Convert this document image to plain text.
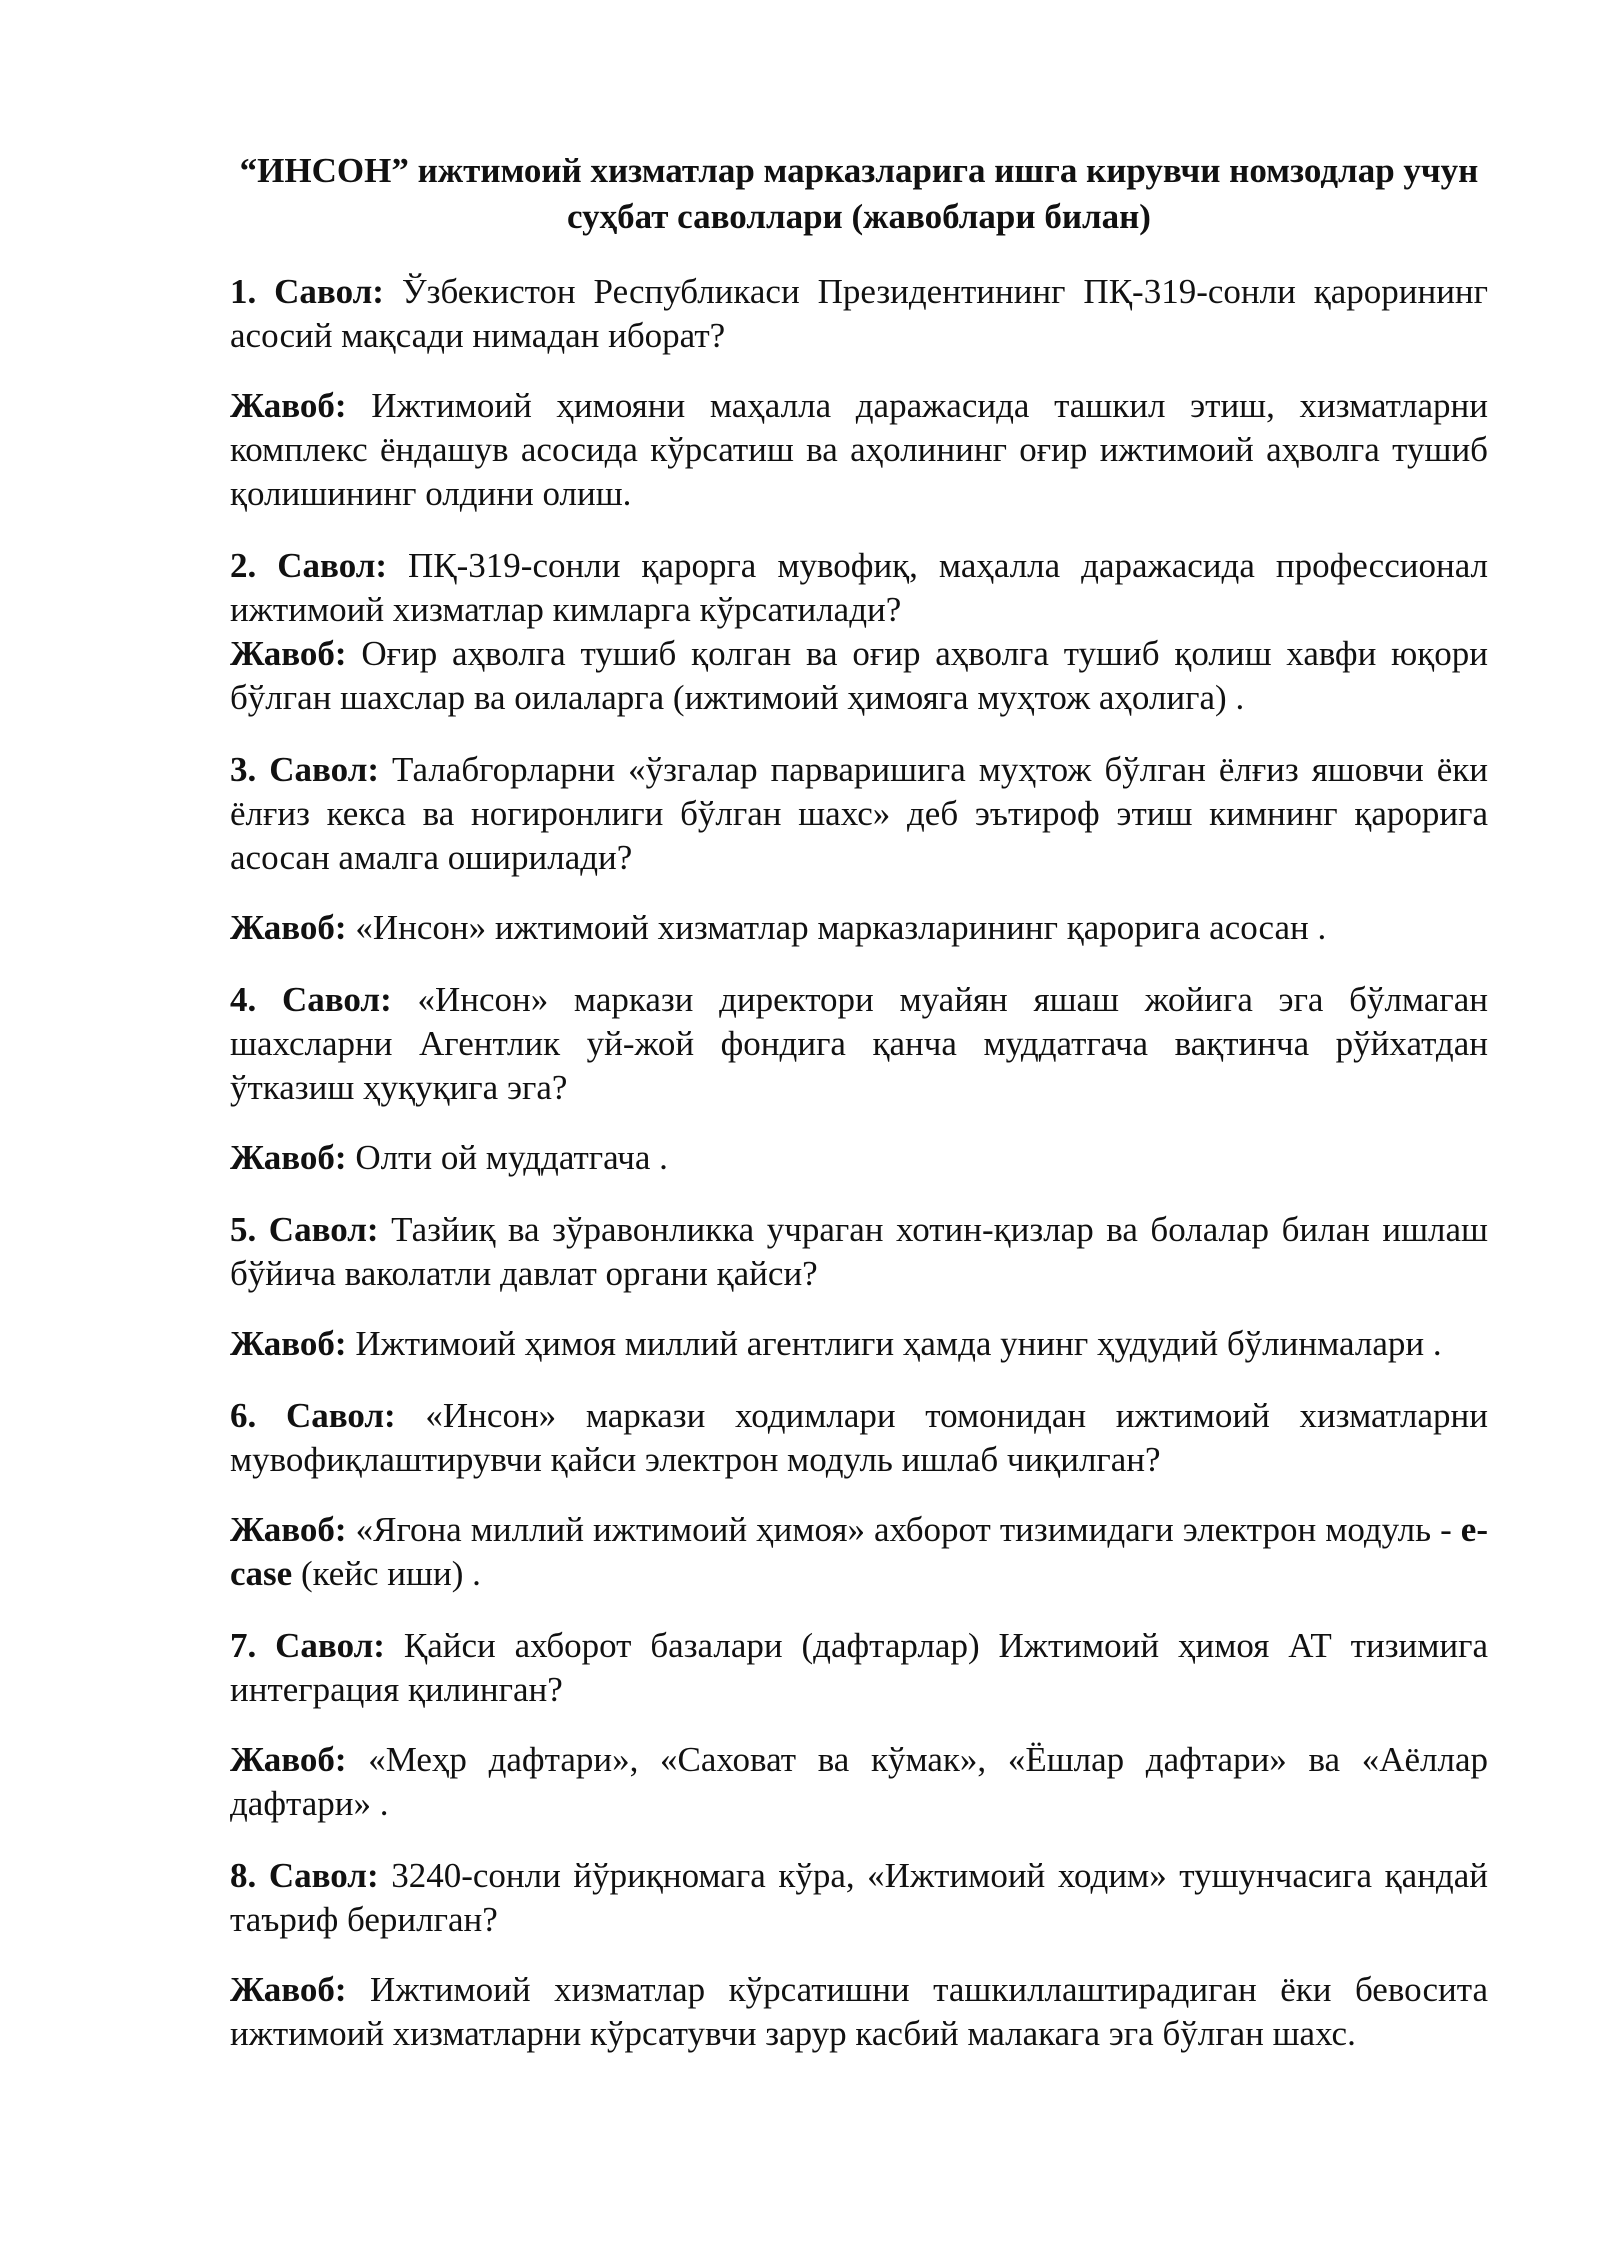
“ИНСОН” ижтимоий хизматлар марказларига ишга кирувчи номзодлар учун суҳбат саволлари (жавоблари билан)

1. Савол: Ўзбекистон Республикаси Президентининг ПҚ-319-сонли қарорининг асосий мақсади нимадан иборат?

Жавоб: Ижтимоий ҳимояни маҳалла даражасида ташкил этиш, хизматларни комплекс ёндашув асосида кўрсатиш ва аҳолининг оғир ижтимоий аҳволга тушиб қолишининг олдини олиш.

2. Савол: ПҚ-319-сонли қарорга мувофиқ, маҳалла даражасида профессионал ижтимоий хизматлар кимларга кўрсатилади?

Жавоб: Оғир аҳволга тушиб қолган ва оғир аҳволга тушиб қолиш хавфи юқори бўлган шахслар ва оилаларга (ижтимоий ҳимояга муҳтож аҳолига) .

3. Савол: Талабгорларни «ўзгалар парваришига муҳтож бўлган ёлғиз яшовчи ёки ёлғиз кекса ва ногиронлиги бўлган шахс» деб эътироф этиш кимнинг қарорига асосан амалга оширилади?

Жавоб: «Инсон» ижтимоий хизматлар марказларининг қарорига асосан .

4. Савол: «Инсон» маркази директори муайян яшаш жойига эга бўлмаган шахсларни Агентлик уй-жой фондига қанча муддатгача вақтинча рўйхатдан ўтказиш ҳуқуқига эга?

Жавоб: Олти ой муддатгача .

5. Савол: Тазйиқ ва зўравонликка учраган хотин-қизлар ва болалар билан ишлаш бўйича ваколатли давлат органи қайси?

Жавоб: Ижтимоий ҳимоя миллий агентлиги ҳамда унинг ҳудудий бўлинмалари .

6. Савол: «Инсон» маркази ходимлари томонидан ижтимоий хизматларни мувофиқлаштирувчи қайси электрон модуль ишлаб чиқилган?

Жавоб: «Ягона миллий ижтимоий ҳимоя» ахборот тизимидаги электрон модуль - e-case (кейс иши) .

7. Савол: Қайси ахборот базалари (дафтарлар) Ижтимоий ҳимоя АТ тизимига интеграция қилинган?

Жавоб: «Меҳр дафтари», «Саховат ва кўмак», «Ёшлар дафтари» ва «Аёллар дафтари» .

8. Савол: 3240-сонли йўриқномага кўра, «Ижтимоий ходим» тушунчасига қандай таъриф берилган?

Жавоб: Ижтимоий хизматлар кўрсатишни ташкиллаштирадиган ёки бевосита ижтимоий хизматларни кўрсатувчи зарур касбий малакага эга бўлган шахс.
